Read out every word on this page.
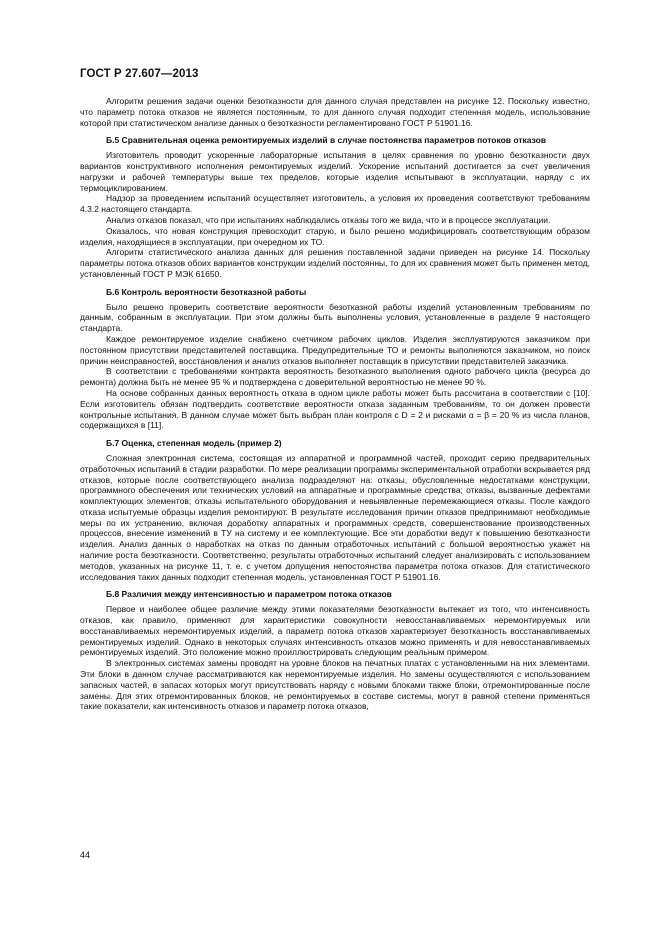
ГОСТ Р 27.607—2013

Алгоритм решения задачи оценки безотказности для данного случая представлен на рисунке 12. Поскольку известно, что параметр потока отказов не является постоянным, то для данного случая подходит степенная модель, использование которой при статистическом анализе данных о безотказности регламентировано ГОСТ Р 51901.16.

Б.5 Сравнительная оценка ремонтируемых изделий в случае постоянства параметров потоков отказов

Изготовитель проводит ускоренные лабораторные испытания в целях сравнения по уровню безотказности двух вариантов конструктивного исполнения ремонтируемых изделий. Ускорение испытаний достигается за счет увеличения нагрузки и рабочей температуры выше тех пределов, которые изделия испытывают в эксплуатации, наряду с их термоциклированием.

Надзор за проведением испытаний осуществляет изготовитель, а условия их проведения соответствуют требованиям 4.3.2 настоящего стандарта.

Анализ отказов показал, что при испытаниях наблюдались отказы того же вида, что и в процессе эксплуатации.

Оказалось, что новая конструкция превосходит старую, и было решено модифицировать соответствующим образом изделия, находящиеся в эксплуатации, при очередном их ТО.

Алгоритм статистического анализа данных для решения поставленной задачи приведен на рисунке 14. Поскольку параметры потока отказов обоих вариантов конструкции изделий постоянны, то для их сравнения может быть применен метод, установленный ГОСТ Р МЭК 61650.

Б.6 Контроль вероятности безотказной работы

Было решено проверить соответствие вероятности безотказной работы изделий установленным требованиям по данным, собранным в эксплуатации. При этом должны быть выполнены условия, установленные в разделе 9 настоящего стандарта.

Каждое ремонтируемое изделие снабжено счетчиком рабочих циклов. Изделия эксплуатируются заказчиком при постоянном присутствии представителей поставщика. Предупредительные ТО и ремонты выполняются заказчиком, но поиск причин неисправностей, восстановления и анализ отказов выполняет поставщик в присутствии представителей заказчика.

В соответствии с требованиями контракта вероятность безотказного выполнения одного рабочего цикла (ресурса до ремонта) должна быть не менее 95 % и подтверждена с доверительной вероятностью не менее 90 %.

На основе собранных данных вероятность отказа в одном цикле работы может быть рассчитана в соответствии с [10]. Если изготовитель обязан подтвердить соответствие вероятности отказа заданным требованиям, то он должен провести контрольные испытания. В данном случае может быть выбран план контроля с D = 2 и рисками α = β = 20 % из числа планов, содержащихся в [11].

Б.7 Оценка, степенная модель (пример 2)

Сложная электронная система, состоящая из аппаратной и программной частей, проходит серию предварительных отработочных испытаний в стадии разработки. По мере реализации программы экспериментальной отработки вскрывается ряд отказов, которые после соответствующего анализа подразделяют на: отказы, обусловленные недостатками конструкции, программного обеспечения или технических условий на аппаратные и программные средства; отказы, вызванные дефектами комплектующих элементов; отказы испытательного оборудования и невыявленные перемежающиеся отказы. После каждого отказа испытуемые образцы изделия ремонтируют. В результате исследования причин отказов предпринимают необходимые меры по их устранению, включая доработку аппаратных и программных средств, совершенствование производственных процессов, внесение изменений в ТУ на систему и ее комплектующие. Все эти доработки ведут к повышению безотказности изделия. Анализ данных о наработках на отказ по данным отработочных испытаний с большой вероятностью укажет на наличие роста безотказности. Соответственно, результаты отработочных испытаний следует анализировать с использованием методов, указанных на рисунке 11, т. е. с учетом допущения непостоянства параметра потока отказов. Для статистического исследования таких данных подходит степенная модель, установленная ГОСТ Р 51901.16.

Б.8 Различия между интенсивностью и параметром потока отказов

Первое и наиболее общее различие между этими показателями безотказности вытекает из того, что интенсивность отказов, как правило, применяют для характеристики совокупности невосстанавливаемых неремонтируемых или восстанавливаемых неремонтируемых изделий, а параметр потока отказов характеризует безотказность восстанавливаемых ремонтируемых изделий. Однако в некоторых случаях интенсивность отказов можно применять и для невосстанавливаемых ремонтируемых изделий. Это положение можно проиллюстрировать следующим реальным примером.

В электронных системах замены проводят на уровне блоков на печатных платах с установленными на них элементами. Эти блоки в данном случае рассматриваются как неремонтируемые изделия. Но замены осуществляются с использованием запасных частей, в запасах которых могут присутствовать наряду с новыми блоками также блоки, отремонтированные после замены. Для этих отремонтированных блоков, не ремонтируемых в составе системы, могут в равной степени применяться такие показатели, как интенсивность отказов и параметр потока отказов,

44
